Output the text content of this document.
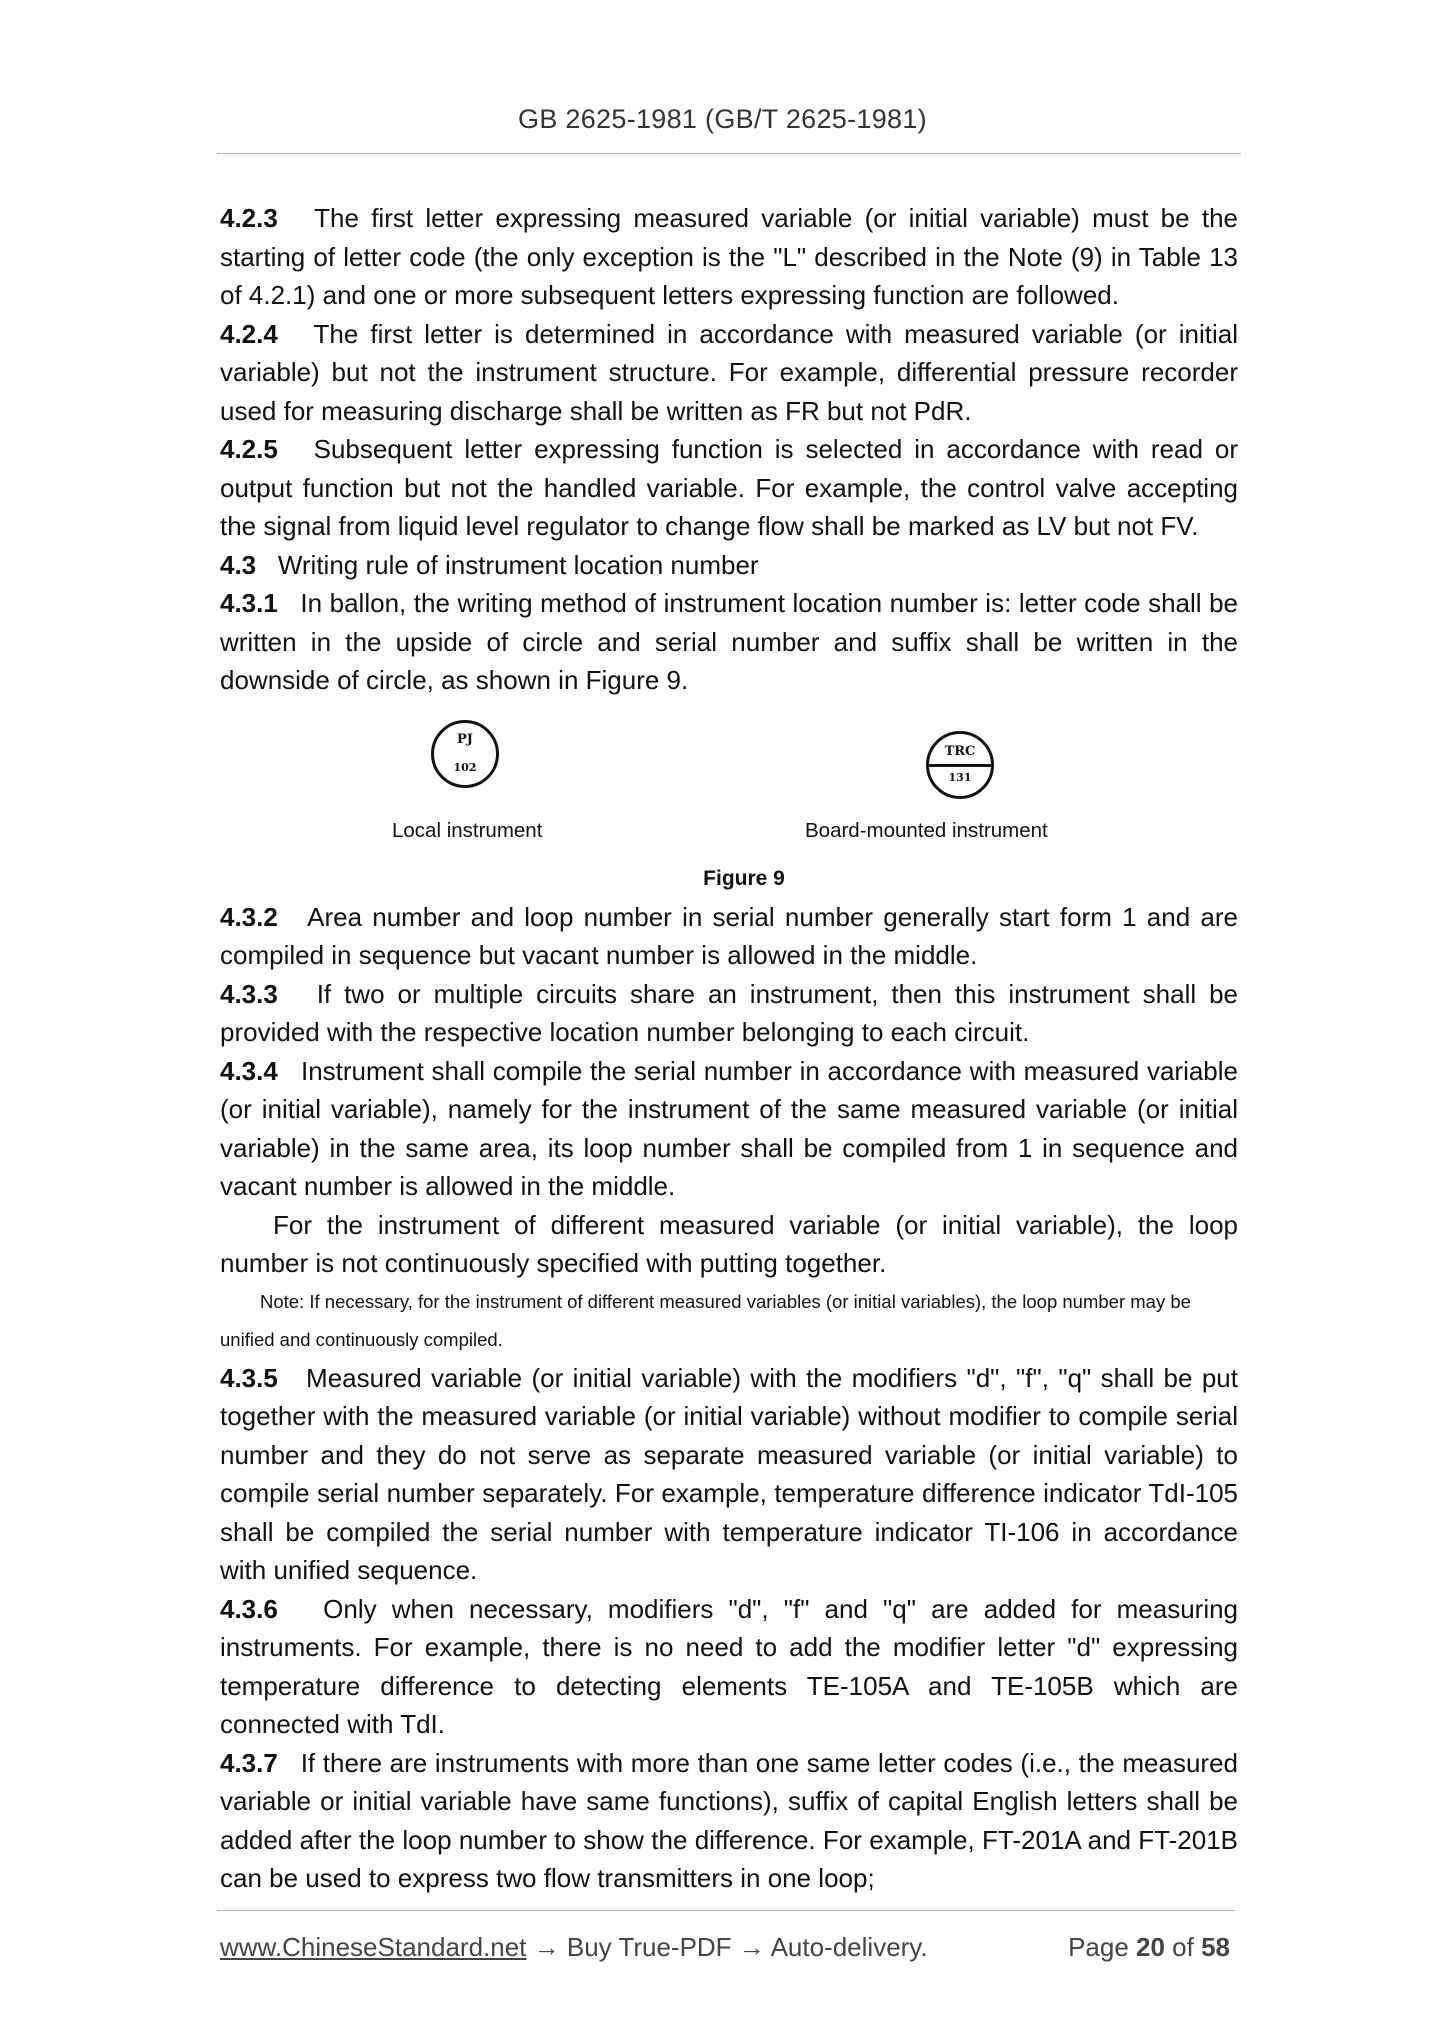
GB 2625-1981 (GB/T 2625-1981)

4.2.3 The first letter expressing measured variable (or initial variable) must be the starting of letter code (the only exception is the "L" described in the Note (9) in Table 13 of 4.2.1) and one or more subsequent letters expressing function are followed.

4.2.4 The first letter is determined in accordance with measured variable (or initial variable) but not the instrument structure. For example, differential pressure recorder used for measuring discharge shall be written as FR but not PdR.

4.2.5 Subsequent letter expressing function is selected in accordance with read or output function but not the handled variable. For example, the control valve accepting the signal from liquid level regulator to change flow shall be marked as LV but not FV.

4.3 Writing rule of instrument location number

4.3.1 In ballon, the writing method of instrument location number is: letter code shall be written in the upside of circle and serial number and suffix shall be written in the downside of circle, as shown in Figure 9.

PJ
102
TRC
131
Local instrument	Board-mounted instrument

Figure 9

4.3.2 Area number and loop number in serial number generally start form 1 and are compiled in sequence but vacant number is allowed in the middle.

4.3.3 If two or multiple circuits share an instrument, then this instrument shall be provided with the respective location number belonging to each circuit.

4.3.4 Instrument shall compile the serial number in accordance with measured variable (or initial variable), namely for the instrument of the same measured variable (or initial variable) in the same area, its loop number shall be compiled from 1 in sequence and vacant number is allowed in the middle.

For the instrument of different measured variable (or initial variable), the loop number is not continuously specified with putting together.

Note: If necessary, for the instrument of different measured variables (or initial variables), the loop number may be

unified and continuously compiled.

4.3.5 Measured variable (or initial variable) with the modifiers "d", "f", "q" shall be put together with the measured variable (or initial variable) without modifier to compile serial number and they do not serve as separate measured variable (or initial variable) to compile serial number separately. For example, temperature difference indicator TdI-105 shall be compiled the serial number with temperature indicator TI-106 in accordance with unified sequence.

4.3.6 Only when necessary, modifiers "d", "f" and "q" are added for measuring instruments. For example, there is no need to add the modifier letter "d" expressing temperature difference to detecting elements TE-105A and TE-105B which are connected with TdI.

4.3.7 If there are instruments with more than one same letter codes (i.e., the measured variable or initial variable have same functions), suffix of capital English letters shall be added after the loop number to show the difference. For example, FT-201A and FT-201B can be used to express two flow transmitters in one loop;

www.ChineseStandard.net → Buy True-PDF → Auto-delivery.	Page 20 of 58
